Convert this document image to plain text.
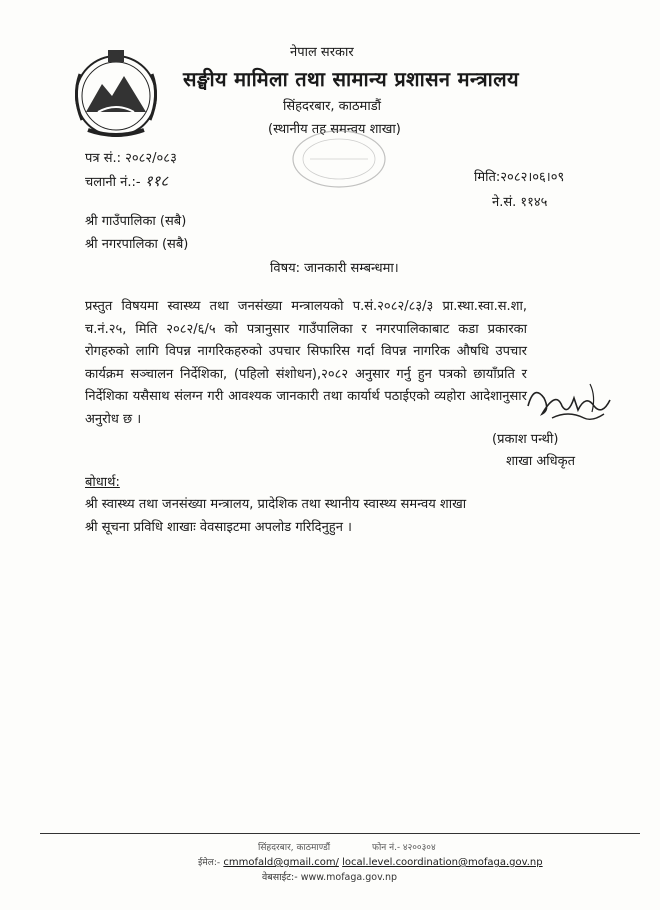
नेपाल सरकार
सङ्घीय मामिला तथा सामान्य प्रशासन मन्त्रालय
सिंहदरबार, काठमाडौं
(स्थानीय तह समन्वय शाखा)
पत्र सं.: २०८२/०८३
चलानी नं.:- ११८	मिति:२०८२।०६।०९
ने.सं. ११४५
श्री गाउँपालिका (सबै)
श्री नगरपालिका (सबै)
विषय: जानकारी सम्बन्धमा।
प्रस्तुत विषयमा स्वास्थ्य तथा जनसंख्या मन्त्रालयको प.सं.२०८२/८३/३ प्रा.स्था.स्वा.स.शा, च.नं.२५, मिति २०८२/६/५ को पत्रानुसार गाउँपालिका र नगरपालिकाबाट कडा प्रकारका रोगहरुको लागि विपन्न नागरिकहरुको उपचार सिफारिस गर्दा विपन्न नागरिक औषधि उपचार कार्यक्रम सञ्चालन निर्देशिका, (पहिलो संशोधन),२०८२ अनुसार गर्नु हुन पत्रको छायाँप्रति र निर्देशिका यसैसाथ संलग्न गरी आवश्यक जानकारी तथा कार्यार्थ पठाईएको व्यहोरा आदेशानुसार अनुरोध छ ।
(प्रकाश पन्थी)
शाखा अधिकृत
बोधार्थ:
श्री स्वास्थ्य तथा जनसंख्या मन्त्रालय, प्रादेशिक तथा स्थानीय स्वास्थ्य समन्वय शाखा
श्री सूचना प्रविधि शाखाः वेवसाइटमा अपलोड गरिदिनुहुन ।
सिंहदरबार, काठमाण्डौं	फोन नं.- ४२००३०४
ईमेल:- cmmofald@gmail.com/ local.level.coordination@mofaga.gov.np
वेबसाईट:- www.mofaga.gov.np
